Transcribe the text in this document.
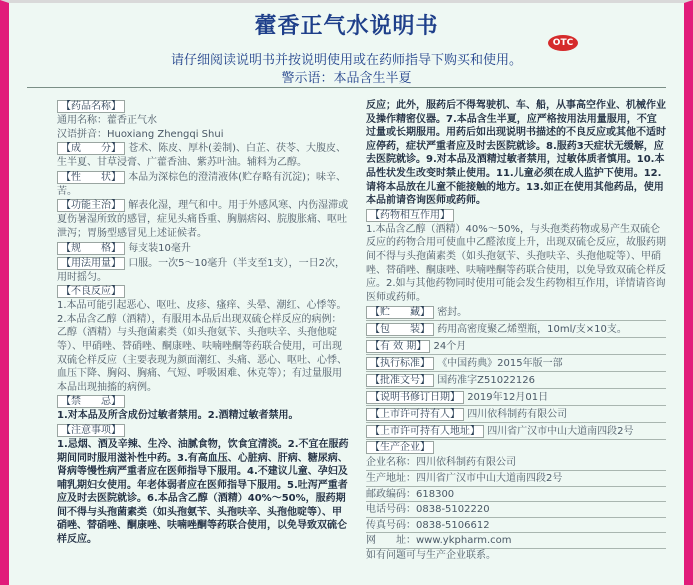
藿香正气水说明书
OTC
请仔细阅读说明书并按说明使用或在药师指导下购买和使用。
警示语：本品含生半夏

【药品名称】

通用名称：藿香正气水

汉语拼音：Huoxiang Zhengqi Shui

【成　　分】 苍术、陈皮、厚朴(姜制)、白芷、茯苓、大腹皮、生半夏、甘草浸膏、广藿香油、紫苏叶油。辅料为乙醇。

【性　　状】 本品为深棕色的澄清液体(贮存略有沉淀)；味辛、苦。

【功能主治】 解表化湿，理气和中。用于外感风寒、内伤湿滞或夏伤暑湿所致的感冒，症见头痛昏重、胸膈痞闷、脘腹胀痛、呕吐泄泻；胃肠型感冒见上述证候者。

【规　　格】 每支装10毫升

【用法用量】 口服。一次5～10毫升（半支至1支），一日2次，用时摇匀。

【不良反应】

1.本品可能引起恶心、呕吐、皮疹、瘙痒、头晕、潮红、心悸等。2.本品含乙醇（酒精），有服用本品后出现双硫仑样反应的病例：乙醇（酒精）与头孢菌素类（如头孢氨苄、头孢呋辛、头孢他啶等）、甲硝唑、替硝唑、酮康唑、呋喃唑酮等药联合使用，可出现双硫仑样反应（主要表现为颜面潮红、头痛、恶心、呕吐、心悸、血压下降、胸闷、胸痛、气短、呼吸困难、休克等）；有过量服用本品出现抽搐的病例。

【禁　　忌】

1.对本品及所含成份过敏者禁用。2.酒精过敏者禁用。

【注意事项】

1.忌烟、酒及辛辣、生冷、油腻食物，饮食宜清淡。2.不宜在服药期间同时服用滋补性中药。3.有高血压、心脏病、肝病、糖尿病、肾病等慢性病严重者应在医师指导下服用。4.不建议儿童、孕妇及哺乳期妇女使用。年老体弱者应在医师指导下服用。5.吐泻严重者应及时去医院就诊。6.本品含乙醇（酒精）40%～50%，服药期间不得与头孢菌素类（如头孢氨苄、头孢呋辛、头孢他啶等）、甲硝唑、替硝唑、酮康唑、呋喃唑酮等药联合使用，以免导致双硫仑样反应。

反应；此外，服药后不得驾驶机、车、船，从事高空作业、机械作业及操作精密仪器。7.本品含生半夏，应严格按用法用量服用，不宜过量或长期服用。用药后如出现说明书描述的不良反应或其他不适时应停药，症状严重者应及时去医院就诊。8.服药3天症状无缓解，应去医院就诊。9.对本品及酒精过敏者禁用，过敏体质者慎用。10.本品性状发生改变时禁止使用。11.儿童必须在成人监护下使用。12.请将本品放在儿童不能接触的地方。13.如正在使用其他药品，使用本品前请咨询医师或药师。

【药物相互作用】

1.本品含乙醇（酒精）40%～50%，与头孢类药物或易产生双硫仑反应的药物合用可使血中乙醛浓度上升，出现双硫仑反应，故服药期间不得与头孢菌素类（如头孢氨苄、头孢呋辛、头孢他啶等）、甲硝唑、替硝唑、酮康唑、呋喃唑酮等药联合使用，以免导致双硫仑样反应。2.如与其他药物同时使用可能会发生药物相互作用，详情请咨询医师或药师。

【贮　　藏】 密封。

【包　　装】 药用高密度聚乙烯塑瓶，10ml/支×10支。

【有 效 期】 24个月

【执行标准】 《中国药典》2015年版一部

【批准文号】 国药准字Z51022126

【说明书修订日期】 2019年12月01日

【上市许可持有人】 四川依科制药有限公司

【上市许可持有人地址】 四川省广汉市中山大道南四段2号

【生产企业】

企业名称：四川依科制药有限公司

生产地址：四川省广汉市中山大道南四段2号

邮政编码：618300

电话号码：0838-5102220

传真号码：0838-5106612

网　　址：www.ykpharm.com

如有问题可与生产企业联系。
